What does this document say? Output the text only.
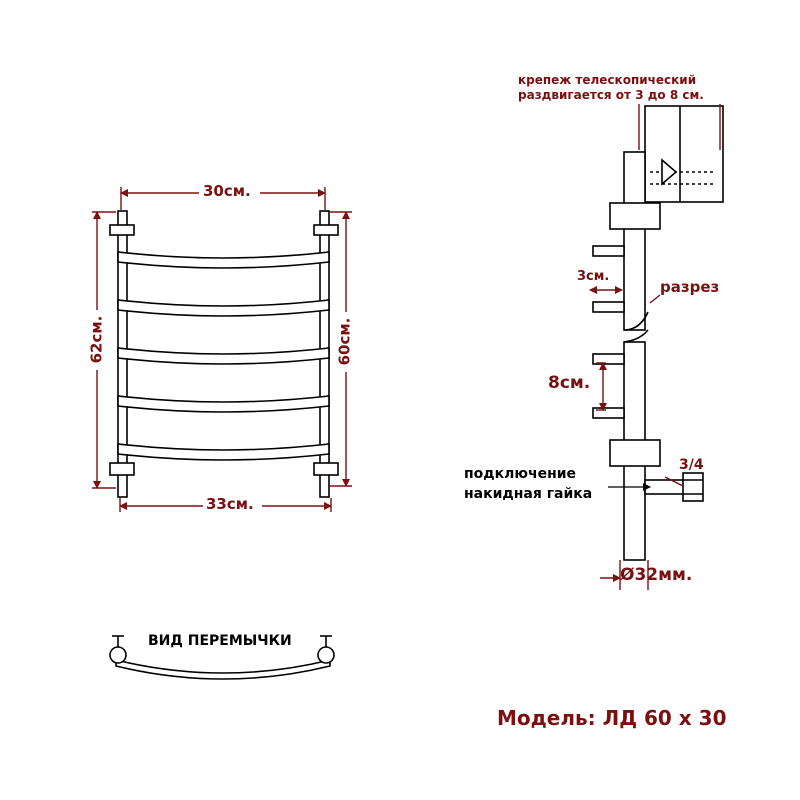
30см.
33см.
62см.	60см.
ВИД ПЕРЕМЫЧКИ
крепеж телескопический
раздвигается от 3 до 8 см.
3см.
разрез
8см.
подключение
накидная гайка
3/4
Ø32мм.
Модель: ЛД 60 x 30
